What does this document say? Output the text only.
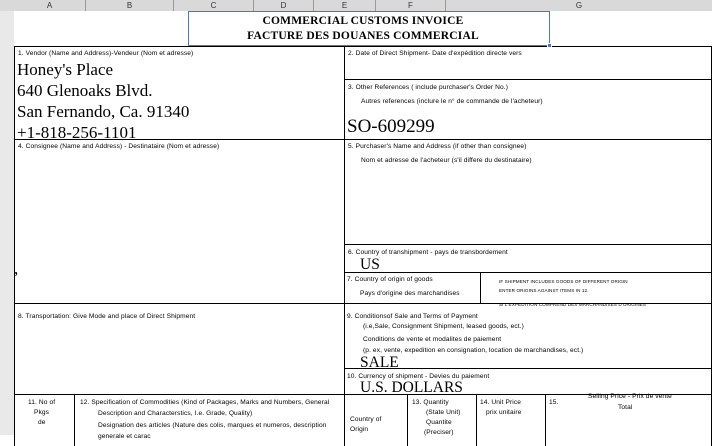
A	B	C	D	E	F	G
COMMERCIAL CUSTOMS INVOICE
FACTURE DES DOUANES COMMERCIAL
1. Vendor (Name and Address)-Vendeur (Nom et adresse)
Honey's Place
640 Glenoaks Blvd.
San Fernando, Ca. 91340
+1-818-256-1101
2. Date of Direct Shipment- Date d'expédition directe vers
3. Other References ( include purchaser's Order No.)
Autres references (inclure le n° de commande de l'acheteur)
SO-609299
4. Consignee (Name and Address) - Destinataire (Nom et adresse)
,
5. Purchaser's Name and Address (if other than consignee)
Nom et adresse de l'acheteur (s'il differe du destinataire)
6. Country of transhipment - pays de transbordement
US
7. Country of origin of goods
Pays d'origine des marchandises
IF SHIPMENT INCLUDES GOODS OF DIFFERENT ORIGIN
ENTER ORIGINS AGAINST ITEMS IN 12.
SI L'EXPEDITION COMPREND DES MARCHANDISES D'ORIGINES
8. Transportation: Give Mode and place of Direct Shipment	9. Conditionsof Sale and Terms of Payment
(i.e,Sale, Consignment Shipment, leased goods, ect.)
Conditions de vente et modalites de paiement
(p. ex, vente, expedition en consignation, location de marchandises, ect.)
SALE
10. Currency of shipment - Devies du paiement
U.S. DOLLARS
11. No of
Pkgs
de
12. Specification of Commodities (Kind of Packages, Marks and Numbers, General
Description and Characterstics, I.e. Grade, Quality)
Designation des articles (Nature des colis, marques et numeros, description
generale et carac
Country of
Origin
13. Quantity
(State Unit)
Quantite
(Preciser)
14. Unit Price
prix unitaire
15.
Selling Price - Prix de vente
Total
